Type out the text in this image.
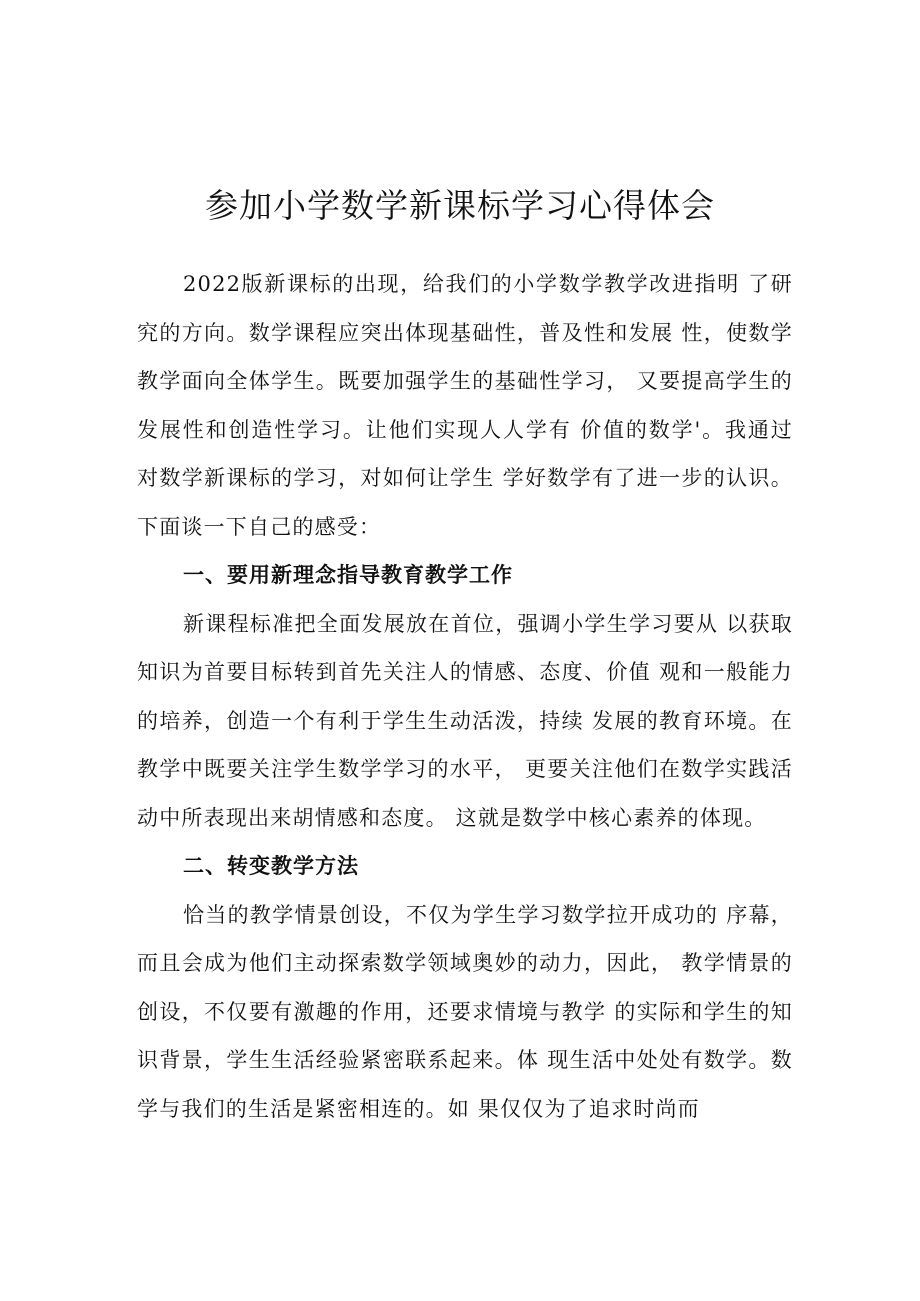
参加小学数学新课标学习心得体会

2022版新课标的出现，给我们的小学数学教学改进指明 了研究的方向。数学课程应突出体现基础性，普及性和发展 性，使数学教学面向全体学生。既要加强学生的基础性学习， 又要提高学生的发展性和创造性学习。让他们实现人人学有 价值的数学'。我通过对数学新课标的学习，对如何让学生 学好数学有了进一步的认识。下面谈一下自己的感受：

一、要用新理念指导教育教学工作

新课程标准把全面发展放在首位，强调小学生学习要从 以获取知识为首要目标转到首先关注人的情感、态度、价值 观和一般能力的培养，创造一个有利于学生生动活泼，持续 发展的教育环境。在教学中既要关注学生数学学习的水平， 更要关注他们在数学实践活动中所表现出来胡情感和态度。 这就是数学中核心素养的体现。

二、转变教学方法

恰当的教学情景创设，不仅为学生学习数学拉开成功的 序幕，而且会成为他们主动探索数学领域奥妙的动力，因此， 教学情景的创设，不仅要有激趣的作用，还要求情境与教学 的实际和学生的知识背景，学生生活经验紧密联系起来。体 现生活中处处有数学。数学与我们的生活是紧密相连的。如 果仅仅为了追求时尚而
